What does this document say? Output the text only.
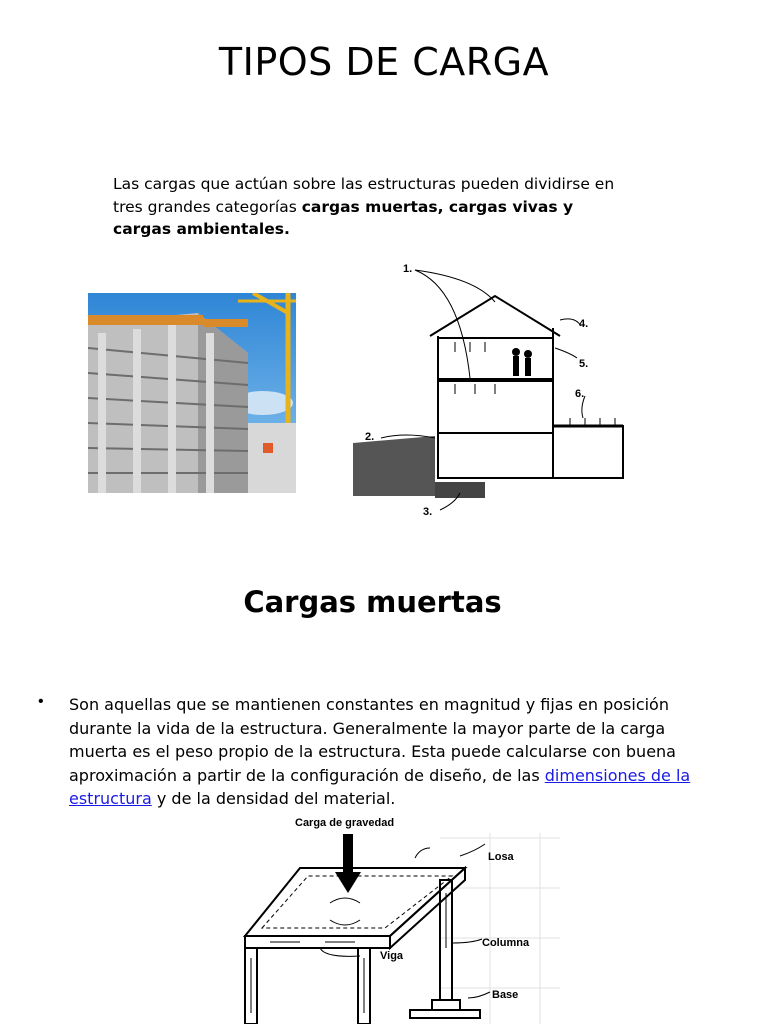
TIPOS DE CARGA
Las cargas que actúan sobre las estructuras pueden dividirse en tres grandes categorías cargas muertas, cargas vivas y cargas ambientales.
1.
2.
3.
4.
5.
6.
Cargas muertas
• Son aquellas que se mantienen constantes en magnitud y fijas en posición durante la vida de la estructura. Generalmente la mayor parte de la carga muerta es el peso propio de la estructura. Esta puede calcularse con buena aproximación a partir de la configuración de diseño, de las dimensiones de la estructura y de la densidad del material.
Carga de gravedad
Losa
Columna
Viga
Base
